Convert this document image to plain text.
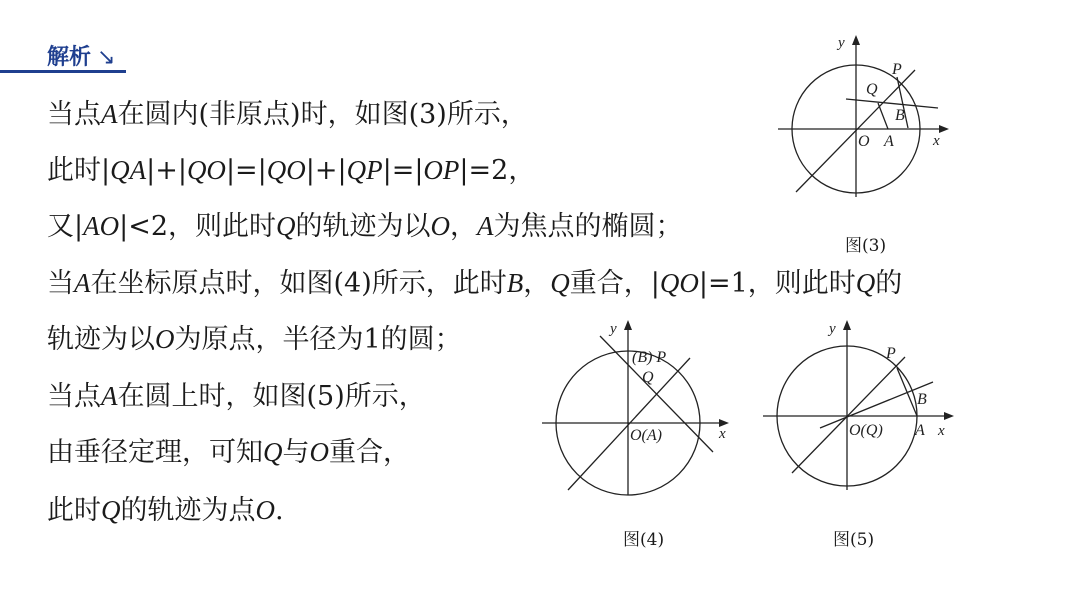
解析 ↘
当点A在圆内(非原点)时，如图(3)所示，
此时|QA|+|QO|=|QO|+|QP|=|OP|=2，
又|AO|<2，则此时Q的轨迹为以O，A为焦点的椭圆；
当A在坐标原点时，如图(4)所示，此时B，Q重合，|QO|=1，则此时Q的
轨迹为以O为原点，半径为1的圆；
当点A在圆上时，如图(5)所示，
由垂径定理，可知Q与O重合，
此时Q的轨迹为点O.
y
x
P
Q
B
O A
图(3)
y
x
(B) P
Q
O(A)
图(4)
y
x
P
B
O(Q) A
图(5)
